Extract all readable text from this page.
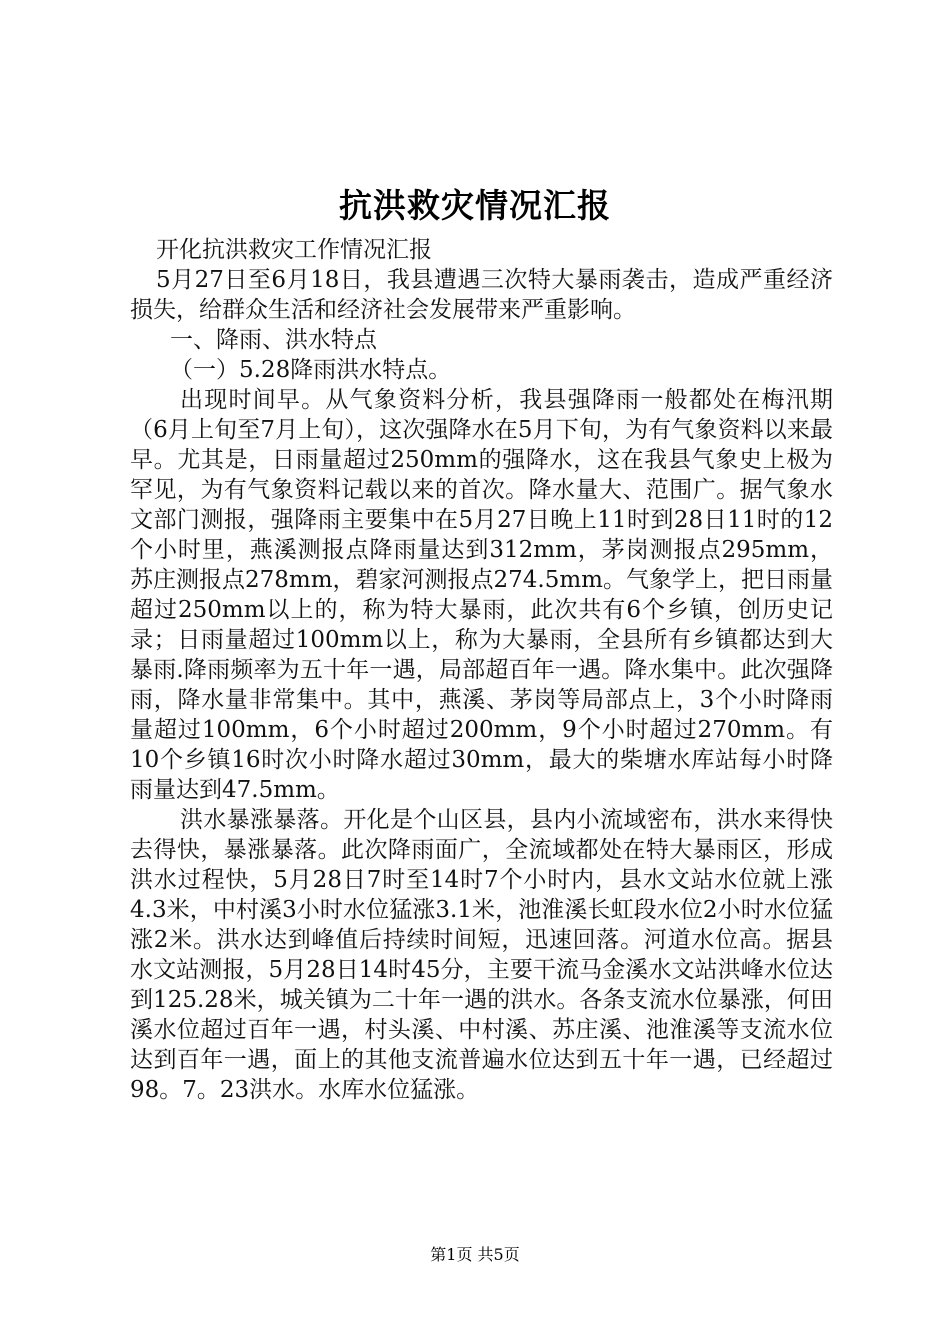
抗洪救灾情况汇报

开化抗洪救灾工作情况汇报

5月27日至6月18日，我县遭遇三次特大暴雨袭击，造成严重经济损失，给群众生活和经济社会发展带来严重影响。

一、降雨、洪水特点

（一）5.28降雨洪水特点。

出现时间早。从气象资料分析，我县强降雨一般都处在梅汛期（6月上旬至7月上旬），这次强降水在5月下旬，为有气象资料以来最早。尤其是，日雨量超过250mm的强降水，这在我县气象史上极为罕见，为有气象资料记载以来的首次。降水量大、范围广。据气象水文部门测报，强降雨主要集中在5月27日晚上11时到28日11时的12个小时里，燕溪测报点降雨量达到312mm，茅岗测报点295mm，苏庄测报点278mm，碧家河测报点274.5mm。气象学上，把日雨量超过250mm以上的，称为特大暴雨，此次共有6个乡镇，创历史记录；日雨量超过100mm以上，称为大暴雨，全县所有乡镇都达到大暴雨.降雨频率为五十年一遇，局部超百年一遇。降水集中。此次强降雨，降水量非常集中。其中，燕溪、茅岗等局部点上，3个小时降雨量超过100mm，6个小时超过200mm，9个小时超过270mm。有10个乡镇16时次小时降水超过30mm，最大的柴塘水库站每小时降雨量达到47.5mm。

洪水暴涨暴落。开化是个山区县，县内小流域密布，洪水来得快去得快，暴涨暴落。此次降雨面广，全流域都处在特大暴雨区，形成洪水过程快，5月28日7时至14时7个小时内，县水文站水位就上涨4.3米，中村溪3小时水位猛涨3.1米，池淮溪长虹段水位2小时水位猛涨2米。洪水达到峰值后持续时间短，迅速回落。河道水位高。据县水文站测报，5月28日14时45分，主要干流马金溪水文站洪峰水位达到125.28米，城关镇为二十年一遇的洪水。各条支流水位暴涨，何田溪水位超过百年一遇，村头溪、中村溪、苏庄溪、池淮溪等支流水位达到百年一遇，面上的其他支流普遍水位达到五十年一遇，已经超过98。7。23洪水。水库水位猛涨。

第1页 共5页
